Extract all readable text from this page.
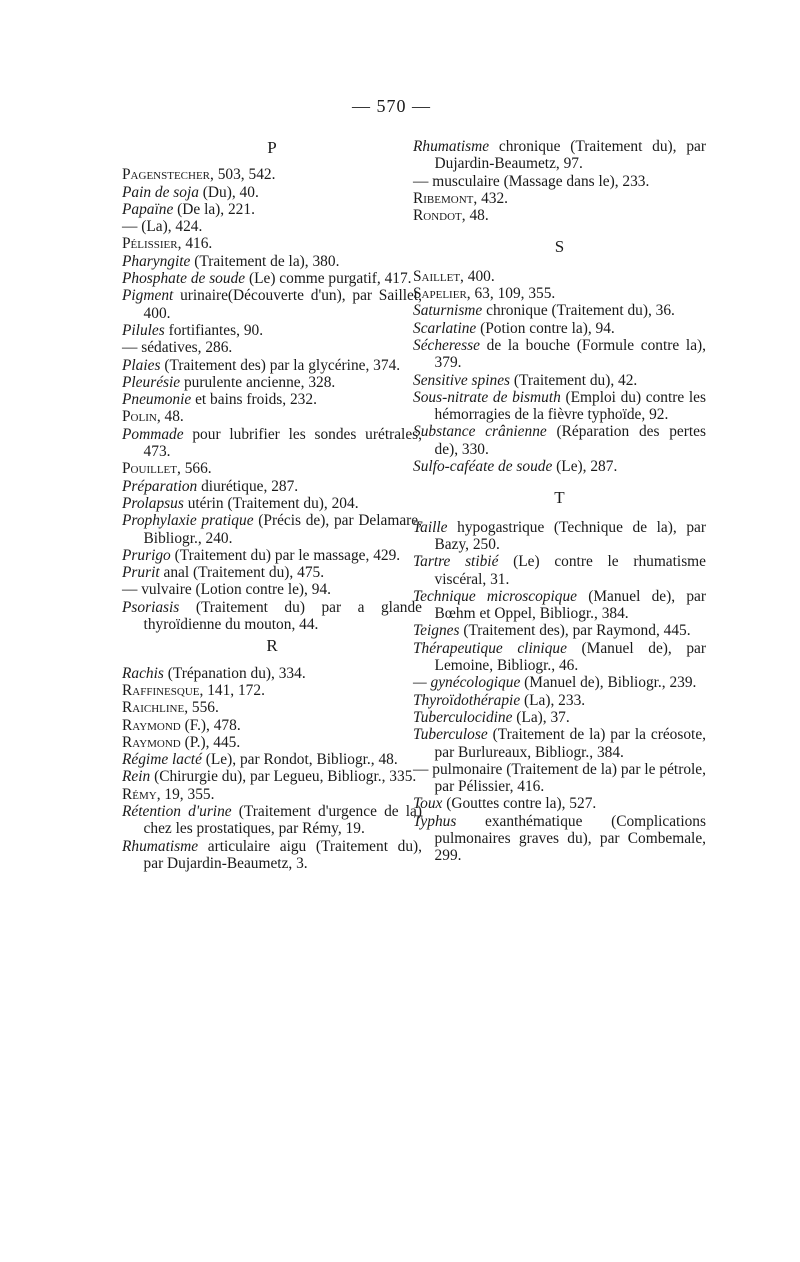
— 570 —
P

Pagenstecher, 503, 542.

Pain de soja (Du), 40.

Papaïne (De la), 221.

— (La), 424.

Pélissier, 416.

Pharyngite (Traitement de la), 380.

Phosphate de soude (Le) comme purgatif, 417.

Pigment urinaire(Découverte d'un), par Saillet, 400.

Pilules fortifiantes, 90.

— sédatives, 286.

Plaies (Traitement des) par la glycérine, 374.

Pleurésie purulente ancienne, 328.

Pneumonie et bains froids, 232.

Polin, 48.

Pommade pour lubrifier les sondes urétrales, 473.

Pouillet, 566.

Préparation diurétique, 287.

Prolapsus utérin (Traitement du), 204.

Prophylaxie pratique (Précis de), par Delamare, Bibliogr., 240.

Prurigo (Traitement du) par le massage, 429.

Prurit anal (Traitement du), 475.

— vulvaire (Lotion contre le), 94.

Psoriasis (Traitement du) par a glande thyroïdienne du mouton, 44.

R

Rachis (Trépanation du), 334.

Raffinesque, 141, 172.

Raichline, 556.

Raymond (F.), 478.

Raymond (P.), 445.

Régime lacté (Le), par Rondot, Bibliogr., 48.

Rein (Chirurgie du), par Legueu, Bibliogr., 335.

Rémy, 19, 355.

Rétention d'urine (Traitement d'urgence de la) chez les prostatiques, par Rémy, 19.

Rhumatisme articulaire aigu (Traitement du), par Dujardin-Beaumetz, 3.

Rhumatisme chronique (Traitement du), par Dujardin-Beaumetz, 97.

— musculaire (Massage dans le), 233.

Ribemont, 432.

Rondot, 48.

S

Saillet, 400.

Sapelier, 63, 109, 355.

Saturnisme chronique (Traitement du), 36.

Scarlatine (Potion contre la), 94.

Sécheresse de la bouche (Formule contre la), 379.

Sensitive spines (Traitement du), 42.

Sous-nitrate de bismuth (Emploi du) contre les hémorragies de la fièvre typhoïde, 92.

Substance crânienne (Réparation des pertes de), 330.

Sulfo-caféate de soude (Le), 287.

T

Taille hypogastrique (Technique de la), par Bazy, 250.

Tartre stibié (Le) contre le rhumatisme viscéral, 31.

Technique microscopique (Manuel de), par Bœhm et Oppel, Bibliogr., 384.

Teignes (Traitement des), par Raymond, 445.

Thérapeutique clinique (Manuel de), par Lemoine, Bibliogr., 46.

— gynécologique (Manuel de), Bibliogr., 239.

Thyroïdothérapie (La), 233.

Tuberculocidine (La), 37.

Tuberculose (Traitement de la) par la créosote, par Burlureaux, Bibliogr., 384.

— pulmonaire (Traitement de la) par le pétrole, par Pélissier, 416.

Toux (Gouttes contre la), 527.

Typhus exanthématique (Complications pulmonaires graves du), par Combemale, 299.
